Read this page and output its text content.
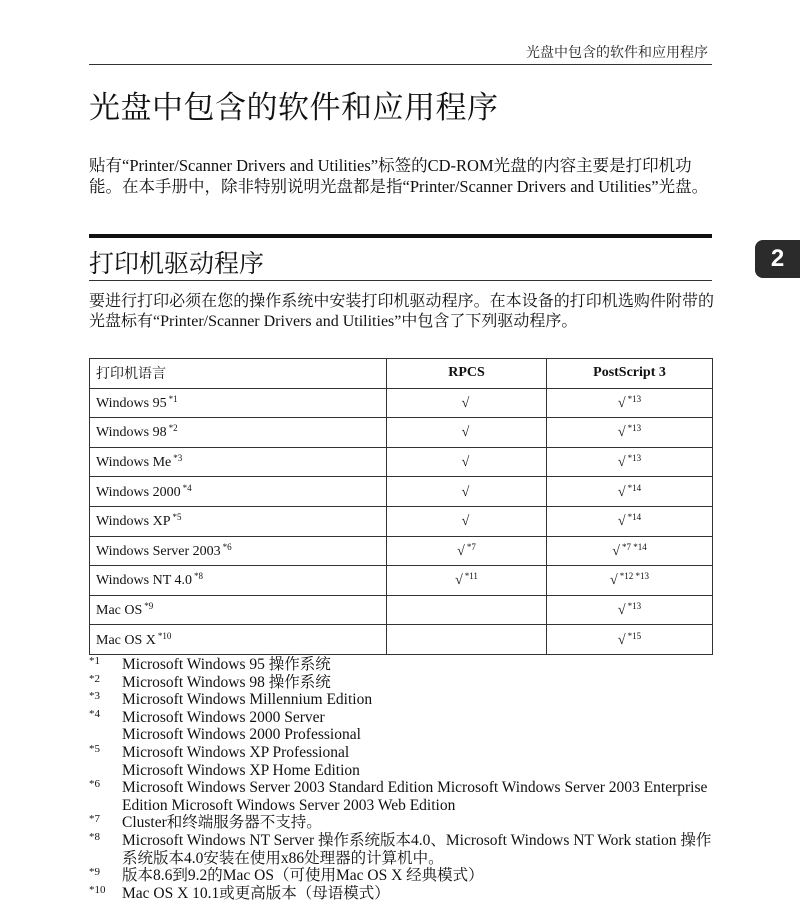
光盘中包含的软件和应用程序
光盘中包含的软件和应用程序

贴有“Printer/Scanner Drivers and Utilities”标签的CD-ROM光盘的内容主要是打印机功能。在本手册中，除非特别说明光盘都是指“Printer/Scanner Drivers and Utilities”光盘。

打印机驱动程序	2

要进行打印必须在您的操作系统中安装打印机驱动程序。在本设备的打印机选购件附带的光盘标有“Printer/Scanner Drivers and Utilities”中包含了下列驱动程序。

打印机语言	RPCS	PostScript 3
Windows 95 $^{*1}$	√	√ $^{*13}$
Windows 98 $^{*2}$	√	√ $^{*13}$
Windows Me $^{*3}$	√	√ $^{*13}$
Windows 2000 $^{*4}$	√	√ $^{*14}$
Windows XP $^{*5}$	√	√ $^{*14}$
Windows Server 2003 $^{*6}$	√ $^{*7}$	√ $^{*7 *14}$
Windows NT 4.0 $^{*8}$	√ $^{*11}$	√ $^{*12 *13}$
Mac OS $^{*9}$		√ $^{*13}$
Mac OS X $^{*10}$		√ $^{*15}$
*1 Microsoft Windows 95 操作系统
*2 Microsoft Windows 98 操作系统
*3 Microsoft Windows Millennium Edition
*4 Microsoft Windows 2000 Server
Microsoft Windows 2000 Professional
*5 Microsoft Windows XP Professional
Microsoft Windows XP Home Edition
*6 Microsoft Windows Server 2003 Standard Edition Microsoft Windows Server 2003 Enterprise Edition Microsoft Windows Server 2003 Web Edition
*7 Cluster和终端服务器不支持。
*8 Microsoft Windows NT Server 操作系统版本4.0、Microsoft Windows NT Work station 操作系统版本4.0安装在使用x86处理器的计算机中。
*9 版本8.6到9.2的Mac OS（可使用Mac OS X 经典模式）
*10 Mac OS X 10.1或更高版本（母语模式）
